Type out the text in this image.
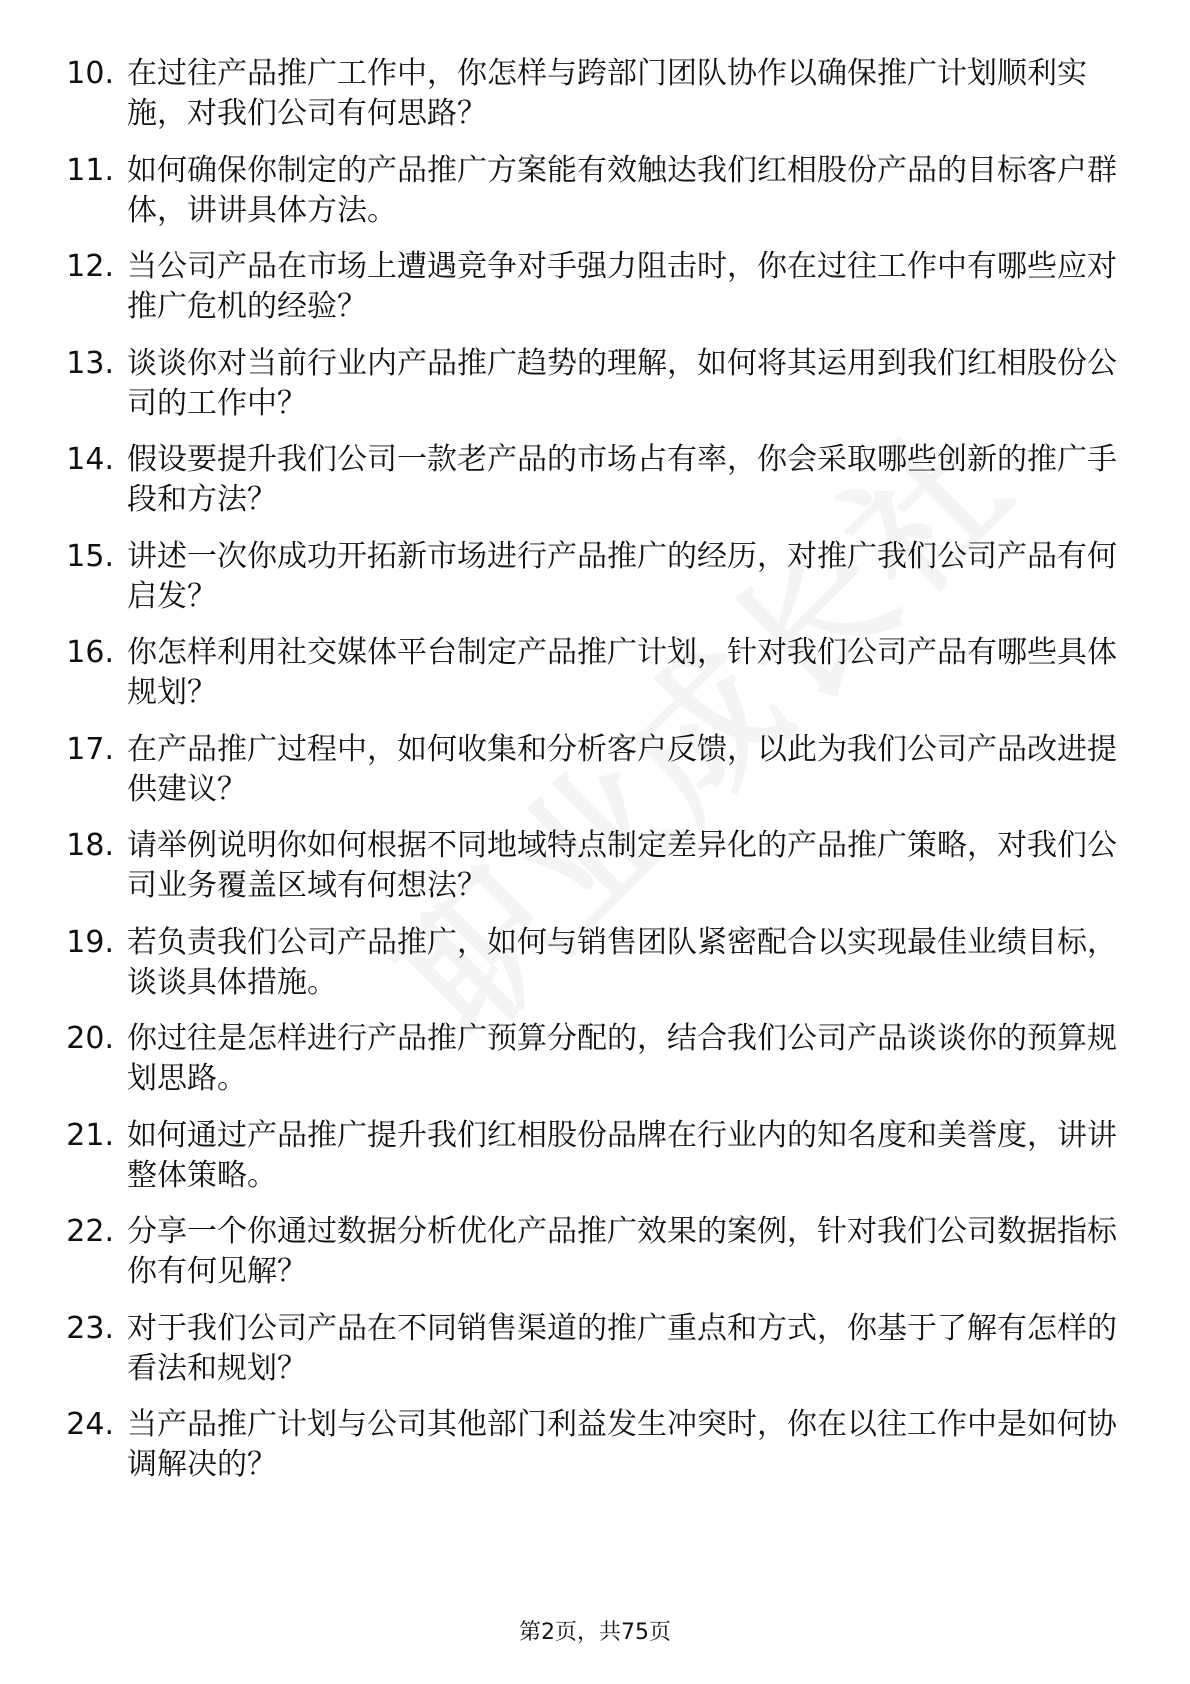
10. 在过往产品推广工作中，你怎样与跨部门团队协作以确保推广计划顺利实施，对我们公司有何思路？
11. 如何确保你制定的产品推广方案能有效触达我们红相股份产品的目标客户群体，讲讲具体方法。
12. 当公司产品在市场上遭遇竞争对手强力阻击时，你在过往工作中有哪些应对推广危机的经验？
13. 谈谈你对当前行业内产品推广趋势的理解，如何将其运用到我们红相股份公司的工作中？
14. 假设要提升我们公司一款老产品的市场占有率，你会采取哪些创新的推广手段和方法？
15. 讲述一次你成功开拓新市场进行产品推广的经历，对推广我们公司产品有何启发？
16. 你怎样利用社交媒体平台制定产品推广计划，针对我们公司产品有哪些具体规划？
17. 在产品推广过程中，如何收集和分析客户反馈，以此为我们公司产品改进提供建议？
18. 请举例说明你如何根据不同地域特点制定差异化的产品推广策略，对我们公司业务覆盖区域有何想法？
19. 若负责我们公司产品推广，如何与销售团队紧密配合以实现最佳业绩目标，谈谈具体措施。
20. 你过往是怎样进行产品推广预算分配的，结合我们公司产品谈谈你的预算规划思路。
21. 如何通过产品推广提升我们红相股份品牌在行业内的知名度和美誉度，讲讲整体策略。
22. 分享一个你通过数据分析优化产品推广效果的案例，针对我们公司数据指标你有何见解？
23. 对于我们公司产品在不同销售渠道的推广重点和方式，你基于了解有怎样的看法和规划？
24. 当产品推广计划与公司其他部门利益发生冲突时，你在以往工作中是如何协调解决的？
第2页，共75页
